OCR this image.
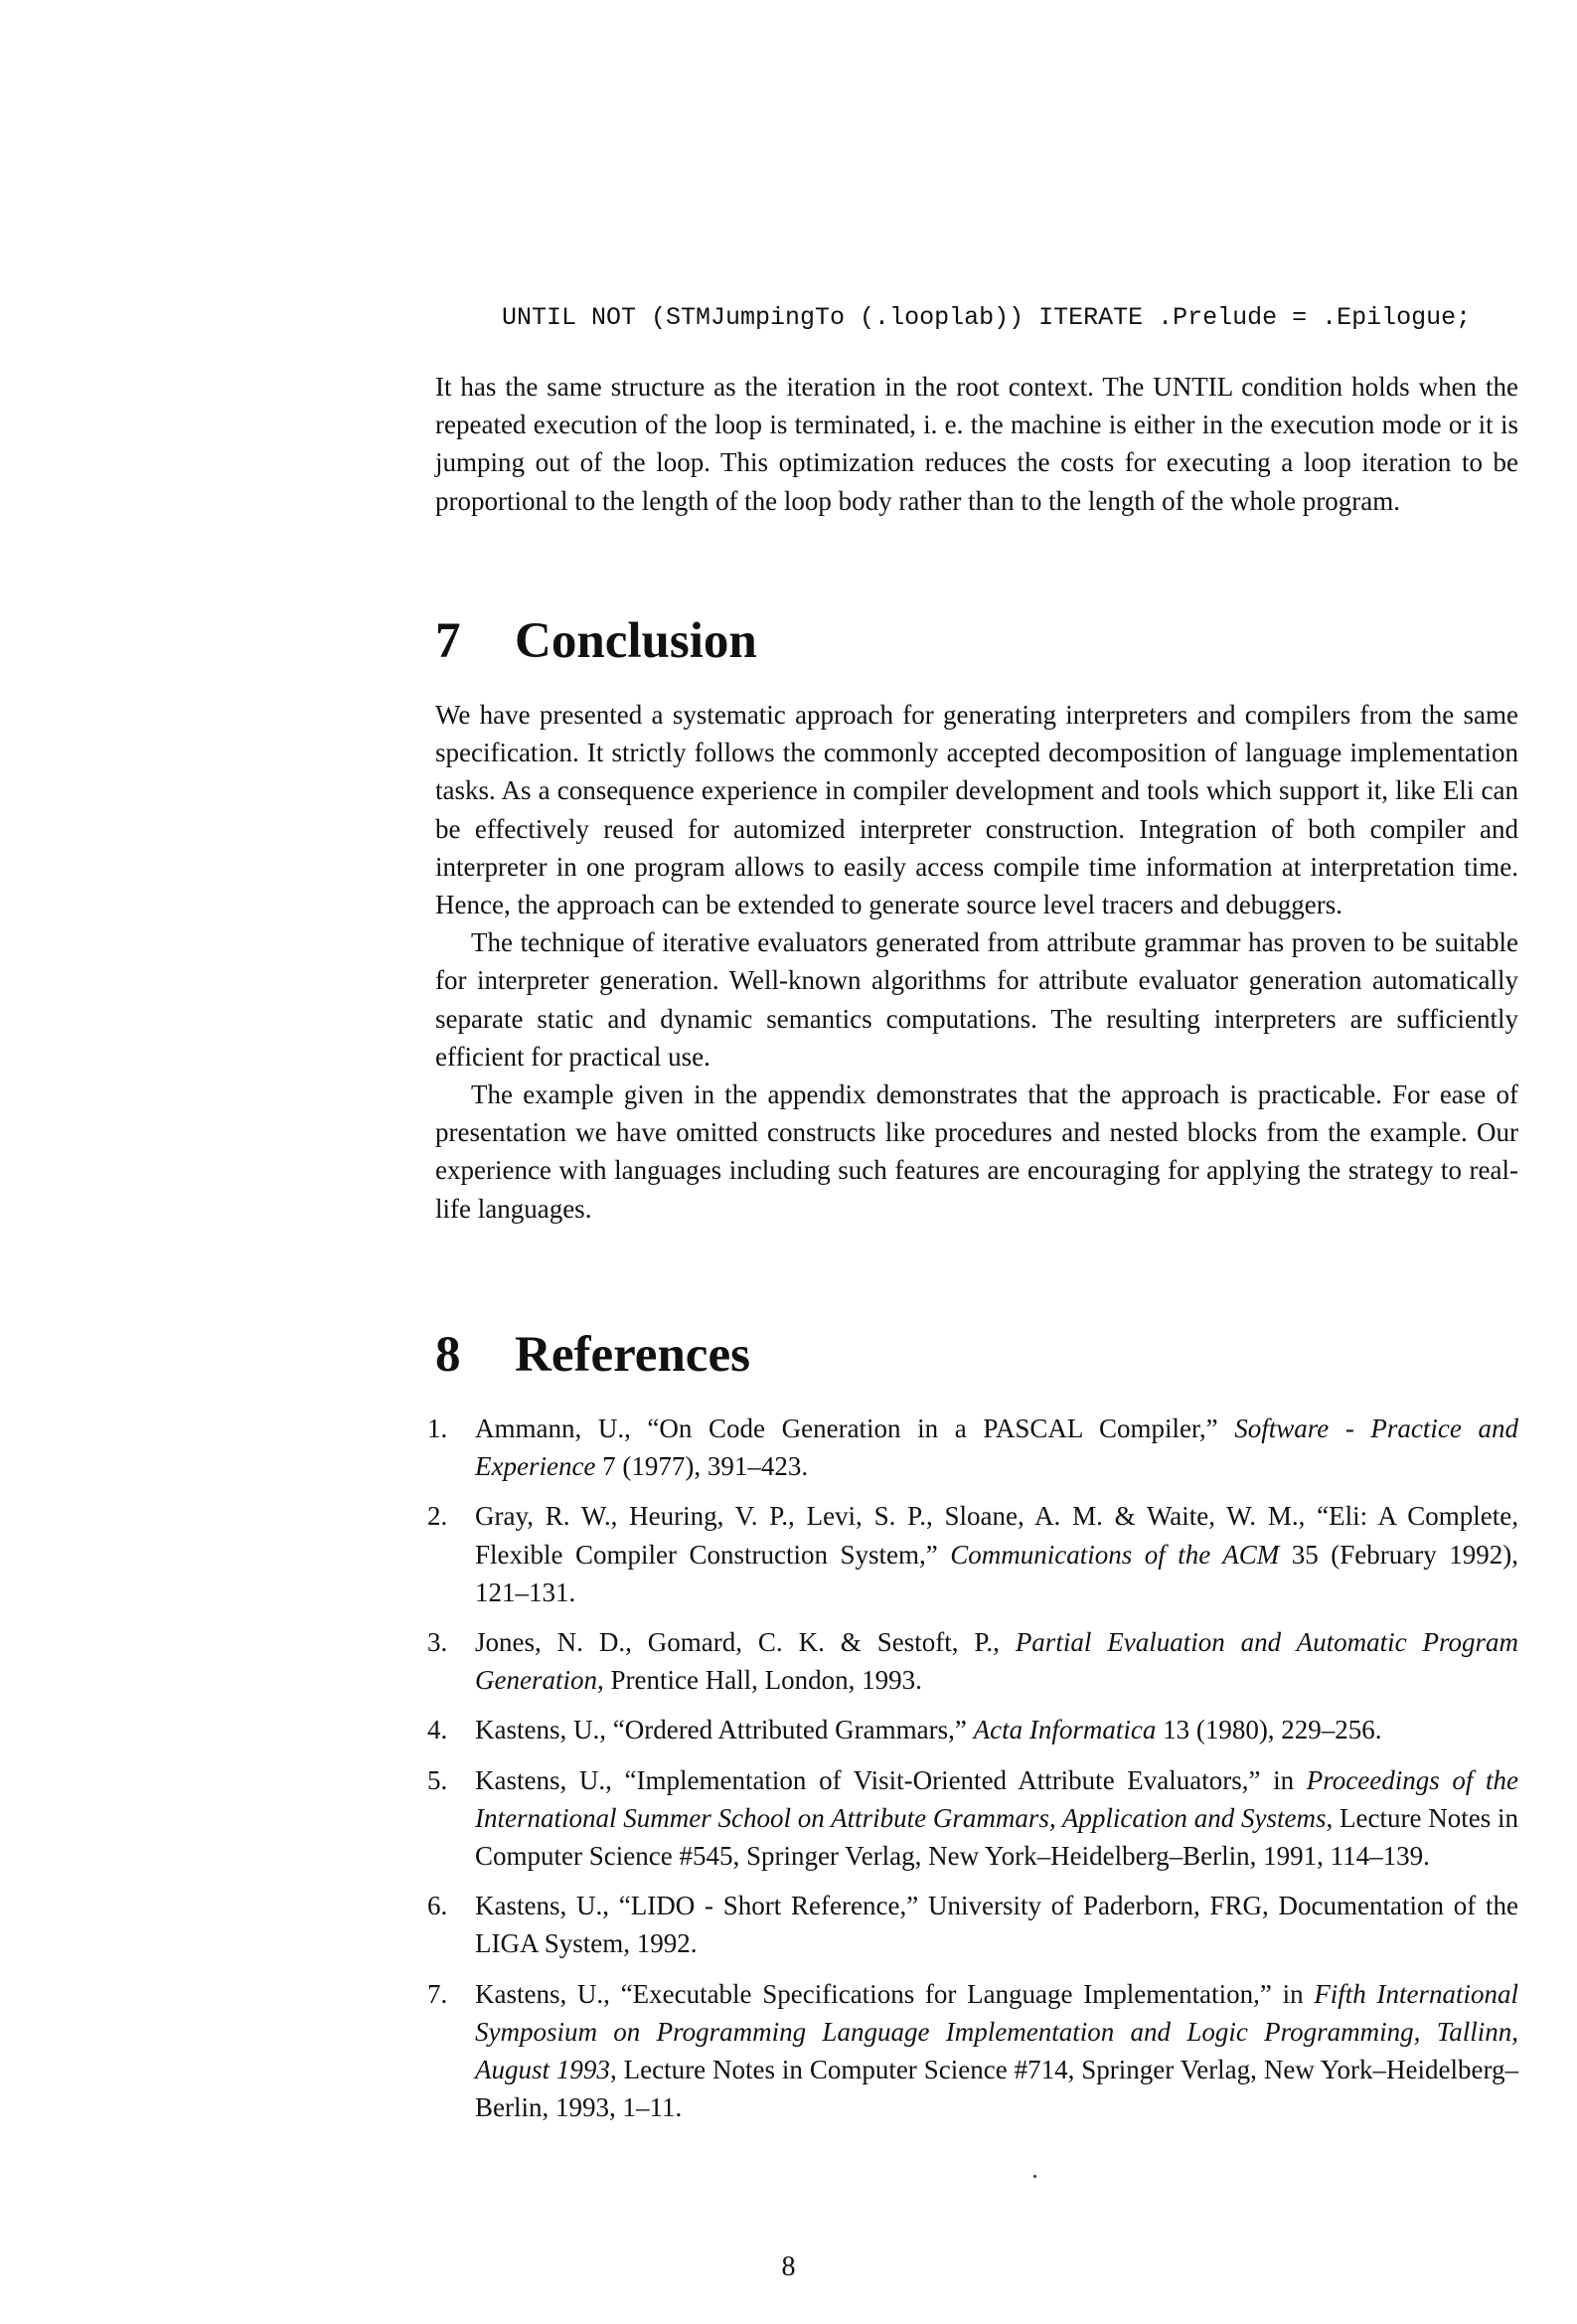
UNTIL NOT (STMJumpingTo (.looplab)) ITERATE .Prelude = .Epilogue;

It has the same structure as the iteration in the root context. The UNTIL condition holds when the repeated execution of the loop is terminated, i. e. the machine is either in the execution mode or it is jumping out of the loop. This optimization reduces the costs for executing a loop iteration to be proportional to the length of the loop body rather than to the length of the whole program.

7 Conclusion

We have presented a systematic approach for generating interpreters and compilers from the same specification. It strictly follows the commonly accepted decomposition of language implementation tasks. As a consequence experience in compiler development and tools which support it, like Eli can be effectively reused for automized interpreter construction. Integration of both compiler and interpreter in one program allows to easily access compile time information at interpretation time. Hence, the approach can be extended to generate source level tracers and debuggers.

The technique of iterative evaluators generated from attribute grammar has proven to be suitable for interpreter generation. Well-known algorithms for attribute evaluator generation automatically separate static and dynamic semantics computations. The resulting interpreters are sufficiently efficient for practical use.

The example given in the appendix demonstrates that the approach is practicable. For ease of presentation we have omitted constructs like procedures and nested blocks from the example. Our experience with languages including such features are encouraging for applying the strategy to real-life languages.

8 References
1. Ammann, U., “On Code Generation in a PASCAL Compiler,” Software - Practice and Experience 7 (1977), 391–423.
2. Gray, R. W., Heuring, V. P., Levi, S. P., Sloane, A. M. & Waite, W. M., “Eli: A Complete, Flexible Compiler Construction System,” Communications of the ACM 35 (February 1992), 121–131.
3. Jones, N. D., Gomard, C. K. & Sestoft, P., Partial Evaluation and Automatic Program Generation, Prentice Hall, London, 1993.
4. Kastens, U., “Ordered Attributed Grammars,” Acta Informatica 13 (1980), 229–256.
5. Kastens, U., “Implementation of Visit-Oriented Attribute Evaluators,” in Proceedings of the International Summer School on Attribute Grammars, Application and Systems, Lecture Notes in Computer Science #545, Springer Verlag, New York–Heidelberg–Berlin, 1991, 114–139.
6. Kastens, U., “LIDO - Short Reference,” University of Paderborn, FRG, Documentation of the LIGA System, 1992.
7. Kastens, U., “Executable Specifications for Language Implementation,” in Fifth International Symposium on Programming Language Implementation and Logic Programming, Tallinn, August 1993, Lecture Notes in Computer Science #714, Springer Verlag, New York–Heidelberg–Berlin, 1993, 1–11.
8
